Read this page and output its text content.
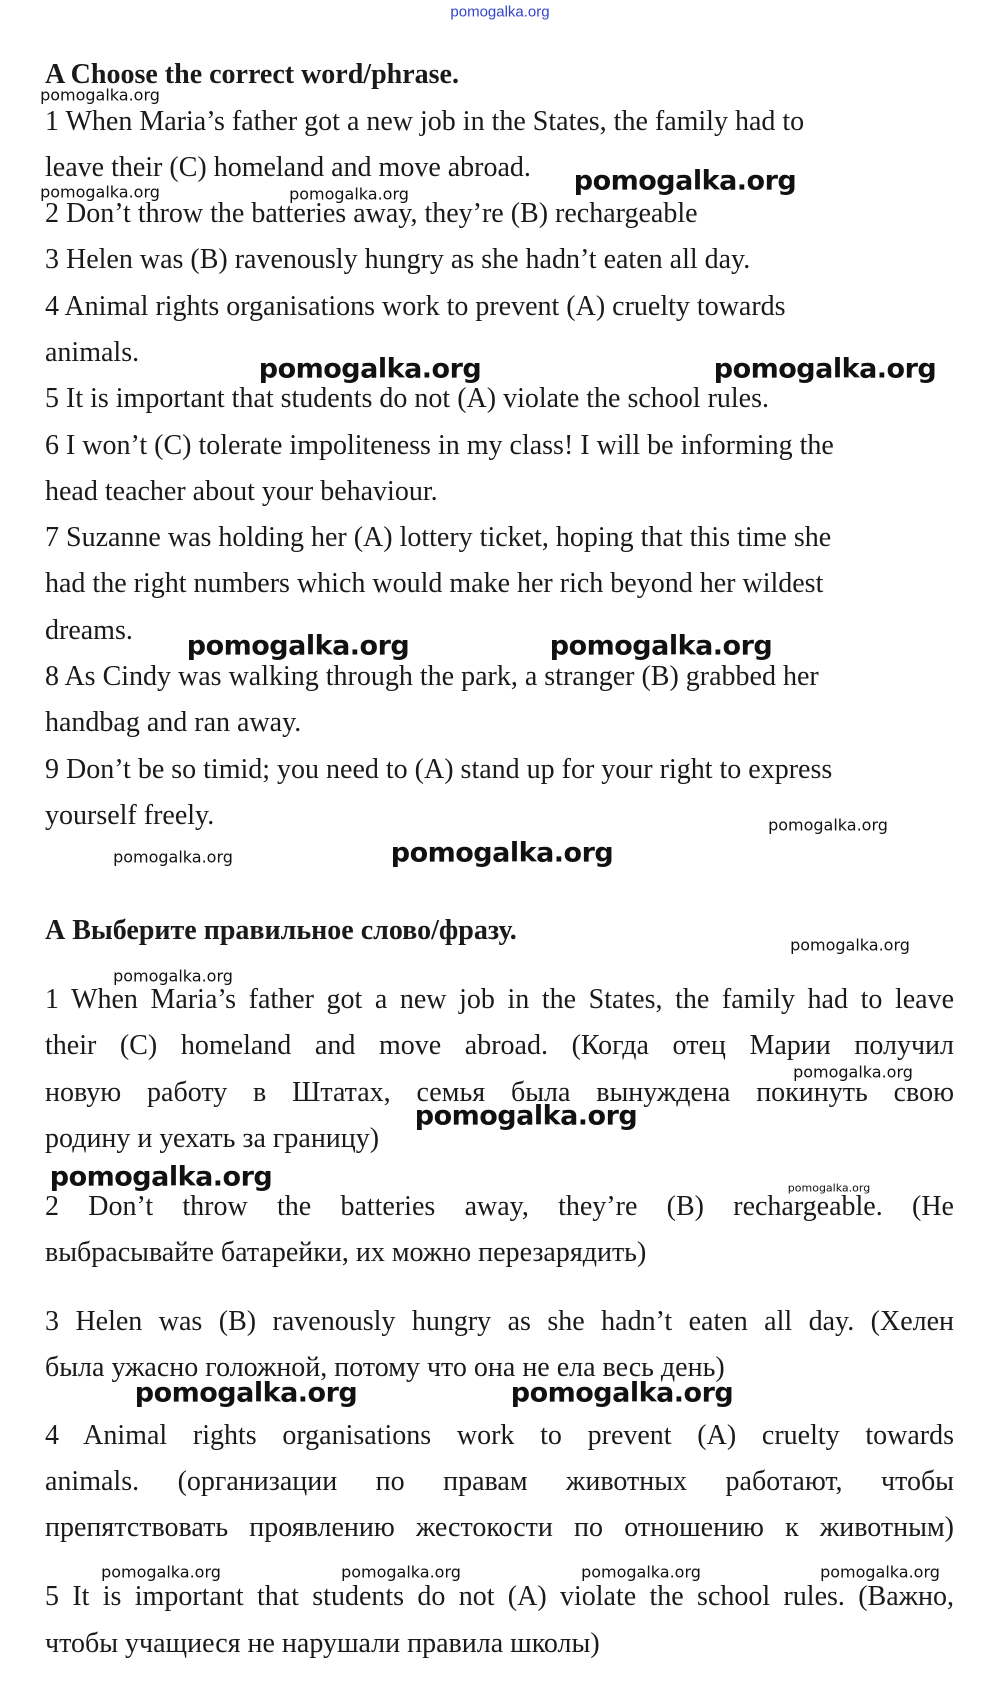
pomogalka.org
A Choose the correct word/phrase.
1 When Maria’s father got a new job in the States, the family had to
leave their (C) homeland and move abroad.
2 Don’t throw the batteries away, they’re (B) rechargeable
3 Helen was (B) ravenously hungry as she hadn’t eaten all day.
4 Animal rights organisations work to prevent (A) cruelty towards
animals.
5 It is important that students do not (A) violate the school rules.
6 I won’t (C) tolerate impoliteness in my class! I will be informing the
head teacher about your behaviour.
7 Suzanne was holding her (A) lottery ticket, hoping that this time she
had the right numbers which would make her rich beyond her wildest
dreams.
8 As Cindy was walking through the park, a stranger (B) grabbed her
handbag and ran away.
9 Don’t be so timid; you need to (A) stand up for your right to express
yourself freely.
А Выберите правильное слово/фразу.
1 When Maria’s father got a new job in the States, the family had to leave
their (C) homeland and move abroad. (Когда отец Марии получил
новую работу в Штатах, семья была вынуждена покинуть свою
родину и уехать за границу)
2 Don’t throw the batteries away, they’re (B) rechargeable. (Не
выбрасывайте батарейки, их можно перезарядить)
3 Helen was (B) ravenously hungry as she hadn’t eaten all day. (Хелен
была ужасно голожной, потому что она не ела весь день)
4 Animal rights organisations work to prevent (A) cruelty towards
animals. (организации по правам животных работают, чтобы
препятствовать проявлению жестокости по отношению к животным)
5 It is important that students do not (A) violate the school rules. (Важно,
чтобы учащиеся не нарушали правила школы)
pomogalka.org
pomogalka.org	pomogalka.org	pomogalka.org
pomogalka.org	pomogalka.org
pomogalka.org	pomogalka.org
pomogalka.org
pomogalka.org	pomogalka.org
pomogalka.org
pomogalka.org
pomogalka.org
pomogalka.org
pomogalka.org	pomogalka.org
pomogalka.org	pomogalka.org
pomogalka.org	pomogalka.org	pomogalka.org	pomogalka.org
